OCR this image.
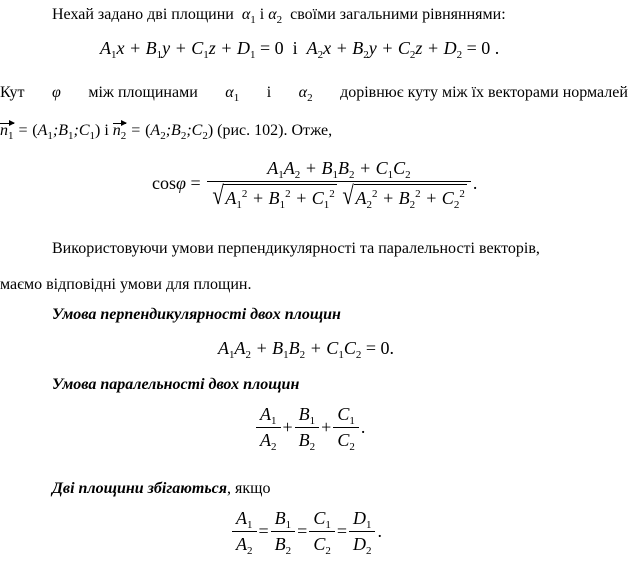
Нехай задано дві площини  $\alpha_1$ і $\alpha_2$ своїми загальними рівняннями:
$A_1x + B_1y + C_1z + D_1 = 0$ і $A_2x + B_2y + C_2z + D_2 = 0$ .
Кут φ між площинами $\alpha_1$ і $\alpha_2$ дорівнює куту між їх векторами нормалей
$n_1$ = $(A_1;B_1;C_1)$ і $n_2$ = $(A_2;B_2;C_2)$ (рис. 102). Отже,
$\cos\varphi = A_1A_2 + B_1B_2 + C_1C_2$
√ $A_1^2 + B_1^2 + C_1^2$
√ $A_2^2 + B_2^2 + C_2^2$ .
Використовуючи умови перпендикулярності та паралельності векторів,
маємо відповідні умови для площин.
Умова перпендикулярності двох площин
$A_1A_2 + B_1B_2 + C_1C_2 = 0$.
Умова паралельності двох площин
$\frac{A_1}{A_2} + \frac{B_1}{B_2} + \frac{C_1}{C_2}$ .
Дві площини збігаються, якщо
$\frac{A_1}{A_2} = \frac{B_1}{B_2} = \frac{C_1}{C_2} = \frac{D_1}{D_2}$ .
